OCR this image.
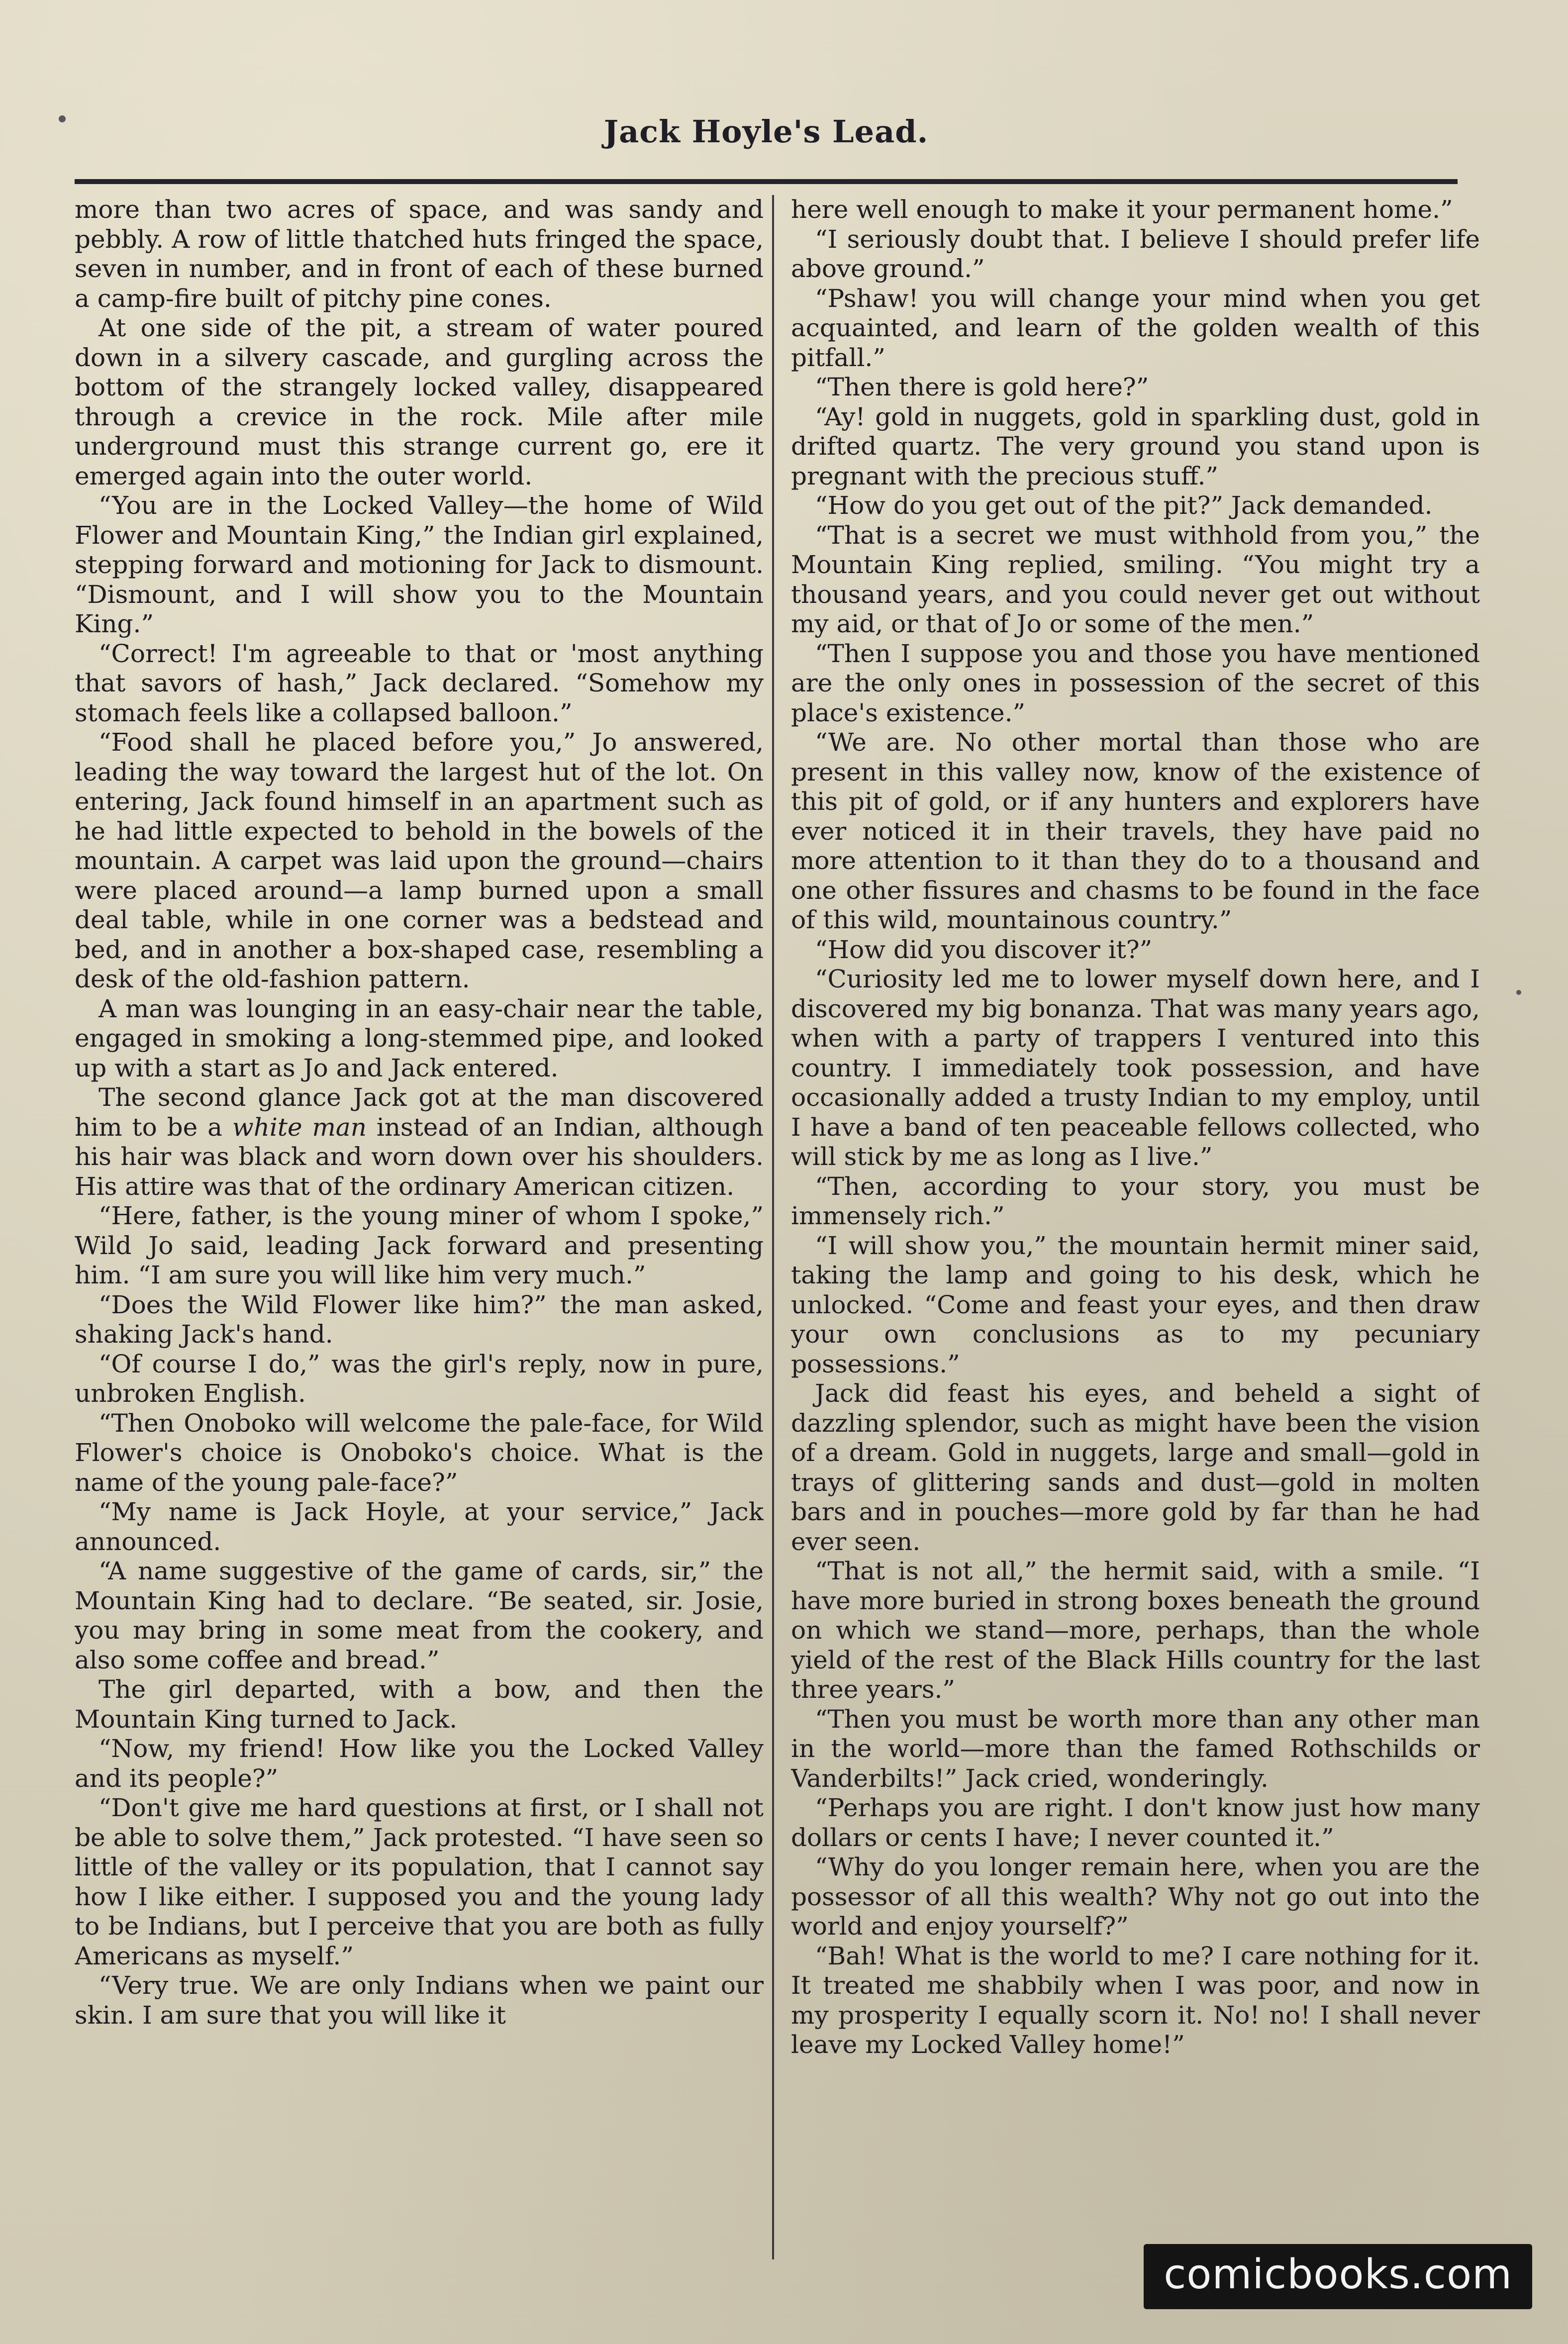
Jack Hoyle's Lead.

more than two acres of space, and was sandy and pebbly. A row of little thatched huts fringed the space, seven in number, and in front of each of these burned a camp-fire built of pitchy pine cones.

At one side of the pit, a stream of water poured down in a silvery cascade, and gurgling across the bottom of the strangely locked valley, disappeared through a crevice in the rock. Mile after mile underground must this strange current go, ere it emerged again into the outer world.

“You are in the Locked Valley—the home of Wild Flower and Mountain King,” the Indian girl explained, stepping forward and motioning for Jack to dismount. “Dismount, and I will show you to the Mountain King.”

“Correct! I'm agreeable to that or 'most anything that savors of hash,” Jack declared. “Somehow my stomach feels like a collapsed balloon.”

“Food shall he placed before you,” Jo answered, leading the way toward the largest hut of the lot. On entering, Jack found himself in an apartment such as he had little expected to behold in the bowels of the mountain. A carpet was laid upon the ground—chairs were placed around—a lamp burned upon a small deal table, while in one corner was a bedstead and bed, and in another a box-shaped case, resembling a desk of the old-fashion pattern.

A man was lounging in an easy-chair near the table, engaged in smoking a long-stemmed pipe, and looked up with a start as Jo and Jack entered.

The second glance Jack got at the man discovered him to be a white man instead of an Indian, although his hair was black and worn down over his shoulders. His attire was that of the ordinary American citizen.

“Here, father, is the young miner of whom I spoke,” Wild Jo said, leading Jack forward and presenting him. “I am sure you will like him very much.”

“Does the Wild Flower like him?” the man asked, shaking Jack's hand.

“Of course I do,” was the girl's reply, now in pure, unbroken English.

“Then Onoboko will welcome the pale-face, for Wild Flower's choice is Onoboko's choice. What is the name of the young pale-face?”

“My name is Jack Hoyle, at your service,” Jack announced.

“A name suggestive of the game of cards, sir,” the Mountain King had to declare. “Be seated, sir. Josie, you may bring in some meat from the cookery, and also some coffee and bread.”

The girl departed, with a bow, and then the Mountain King turned to Jack.

“Now, my friend! How like you the Locked Valley and its people?”

“Don't give me hard questions at first, or I shall not be able to solve them,” Jack protested. “I have seen so little of the valley or its population, that I cannot say how I like either. I supposed you and the young lady to be Indians, but I perceive that you are both as fully Americans as myself.”

“Very true. We are only Indians when we paint our skin. I am sure that you will like it

here well enough to make it your permanent home.”

“I seriously doubt that. I believe I should prefer life above ground.”

“Pshaw! you will change your mind when you get acquainted, and learn of the golden wealth of this pitfall.”

“Then there is gold here?”

“Ay! gold in nuggets, gold in sparkling dust, gold in drifted quartz. The very ground you stand upon is pregnant with the precious stuff.”

“How do you get out of the pit?” Jack demanded.

“That is a secret we must withhold from you,” the Mountain King replied, smiling. “You might try a thousand years, and you could never get out without my aid, or that of Jo or some of the men.”

“Then I suppose you and those you have mentioned are the only ones in possession of the secret of this place's existence.”

“We are. No other mortal than those who are present in this valley now, know of the existence of this pit of gold, or if any hunters and explorers have ever noticed it in their travels, they have paid no more attention to it than they do to a thousand and one other fissures and chasms to be found in the face of this wild, mountainous country.”

“How did you discover it?”

“Curiosity led me to lower myself down here, and I discovered my big bonanza. That was many years ago, when with a party of trappers I ventured into this country. I immediately took possession, and have occasionally added a trusty Indian to my employ, until I have a band of ten peaceable fellows collected, who will stick by me as long as I live.”

“Then, according to your story, you must be immensely rich.”

“I will show you,” the mountain hermit miner said, taking the lamp and going to his desk, which he unlocked. “Come and feast your eyes, and then draw your own conclusions as to my pecuniary possessions.”

Jack did feast his eyes, and beheld a sight of dazzling splendor, such as might have been the vision of a dream. Gold in nuggets, large and small—gold in trays of glittering sands and dust—gold in molten bars and in pouches—more gold by far than he had ever seen.

“That is not all,” the hermit said, with a smile. “I have more buried in strong boxes beneath the ground on which we stand—more, perhaps, than the whole yield of the rest of the Black Hills country for the last three years.”

“Then you must be worth more than any other man in the world—more than the famed Rothschilds or Vanderbilts!” Jack cried, wonderingly.

“Perhaps you are right. I don't know just how many dollars or cents I have; I never counted it.”

“Why do you longer remain here, when you are the possessor of all this wealth? Why not go out into the world and enjoy yourself?”

“Bah! What is the world to me? I care nothing for it. It treated me shabbily when I was poor, and now in my prosperity I equally scorn it. No! no! I shall never leave my Locked Valley home!”

comicbooks.com
